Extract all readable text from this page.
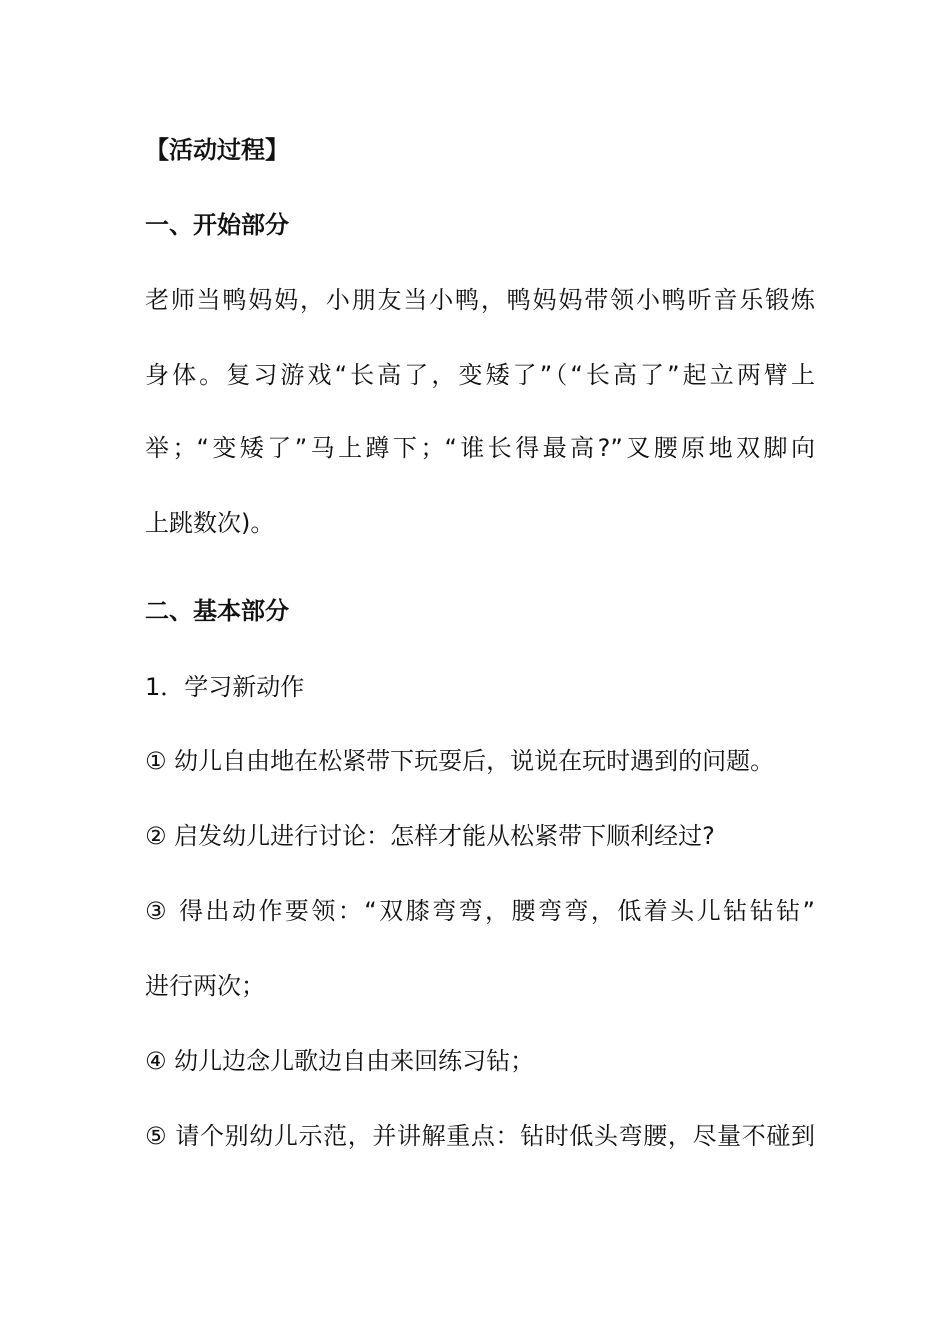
【活动过程】
一、开始部分
老师当鸭妈妈，小朋友当小鸭，鸭妈妈带领小鸭听音乐锻炼
身体。复习游戏“长高了，变矮了”（“长高了”起立两臂上
举；“变矮了”马上蹲下；“谁长得最高?”叉腰原地双脚向
上跳数次)。
二、基本部分
1．学习新动作
① 幼儿自由地在松紧带下玩耍后，说说在玩时遇到的问题。
② 启发幼儿进行讨论：怎样才能从松紧带下顺利经过?
③ 得出动作要领：“双膝弯弯，腰弯弯，低着头儿钻钻钻”
进行两次；
④ 幼儿边念儿歌边自由来回练习钻；
⑤ 请个别幼儿示范，并讲解重点：钻时低头弯腰，尽量不碰到
